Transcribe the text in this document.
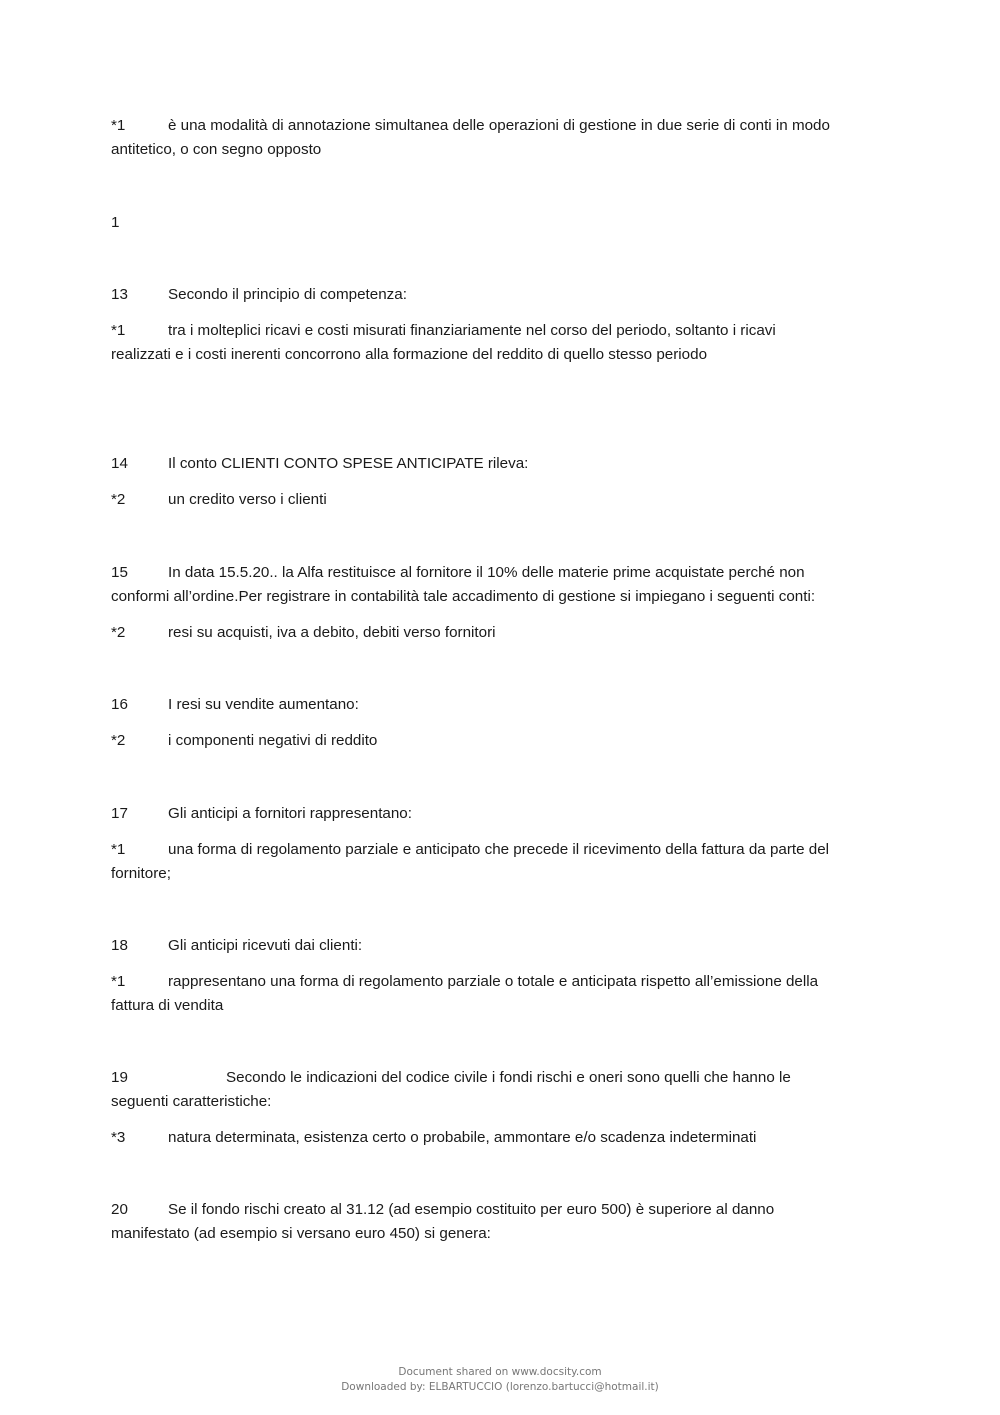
*1	è una modalità di annotazione simultanea delle operazioni di gestione in due serie di conti in modo
antitetico, o con segno opposto
1
13	Secondo il principio di competenza:
*1	tra i molteplici ricavi e costi misurati finanziariamente nel corso del periodo, soltanto i ricavi
realizzati e i costi inerenti concorrono alla formazione del reddito di quello stesso periodo
14	Il conto CLIENTI CONTO SPESE ANTICIPATE rileva:
*2	un credito verso i clienti
15	In data 15.5.20.. la Alfa restituisce al fornitore il 10% delle materie prime acquistate perché non
conformi all’ordine.Per registrare in contabilità tale accadimento di gestione si impiegano i seguenti conti:
*2	resi su acquisti, iva a debito, debiti verso fornitori
16	I resi su vendite aumentano:
*2	i componenti negativi di reddito
17	Gli anticipi a fornitori rappresentano:
*1	una forma di regolamento parziale e anticipato che precede il ricevimento della fattura da parte del
fornitore;
18	Gli anticipi ricevuti dai clienti:
*1	rappresentano una forma di regolamento parziale o totale e anticipata rispetto all’emissione della
fattura di vendita
19	Secondo le indicazioni del codice civile i fondi rischi e oneri sono quelli che hanno le
seguenti caratteristiche:
*3	natura determinata, esistenza certo o probabile, ammontare e/o scadenza indeterminati
20	Se il fondo rischi creato al 31.12 (ad esempio costituito per euro 500) è superiore al danno
manifestato (ad esempio si versano euro 450) si genera:
Document shared on www.docsity.com
Downloaded by: ELBARTUCCIO (lorenzo.bartucci@hotmail.it)
